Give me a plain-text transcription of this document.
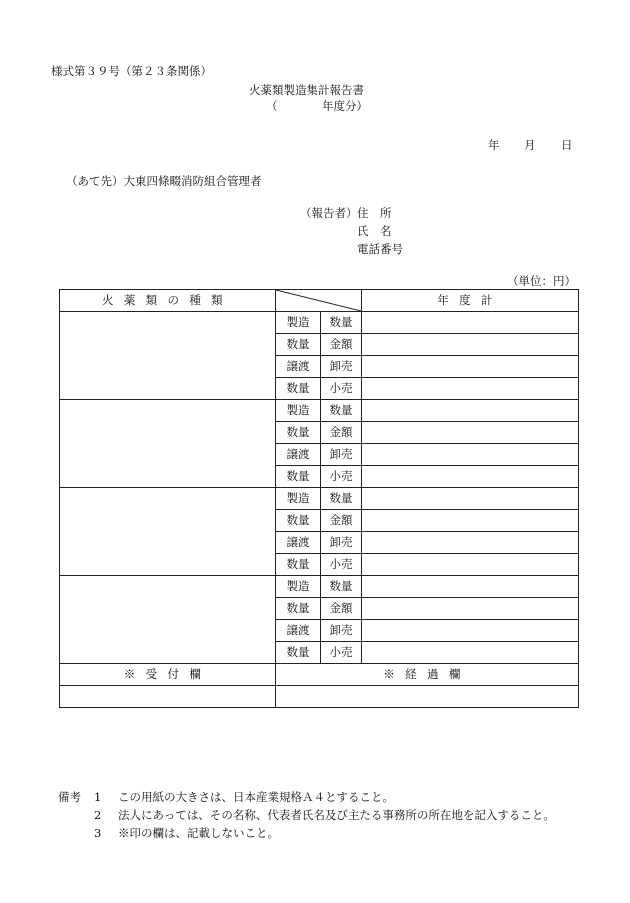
様式第３９号（第２３条関係）
火薬類製造集計報告書
（	年度分）
年 月 日
（あて先）大東四條畷消防組合管理者
（報告者） 住　所
氏　名
電話番号
（単位：円）
火薬類の種類			年度計
	製造	数量	
	数量	金額	
	譲渡	卸売	
	数量	小売	
	製造	数量	
	数量	金額	
	譲渡	卸売	
	数量	小売	
	製造	数量	
	数量	金額	
	譲渡	卸売	
	数量	小売	
	製造	数量	
	数量	金額	
	譲渡	卸売	
	数量	小売	
※受付欄	※経過欄		

備考	1	この用紙の大きさは、日本産業規格Ａ４とすること。
2	法人にあっては、その名称、代表者氏名及び主たる事務所の所在地を記入すること。
3	※印の欄は、記載しないこと。
